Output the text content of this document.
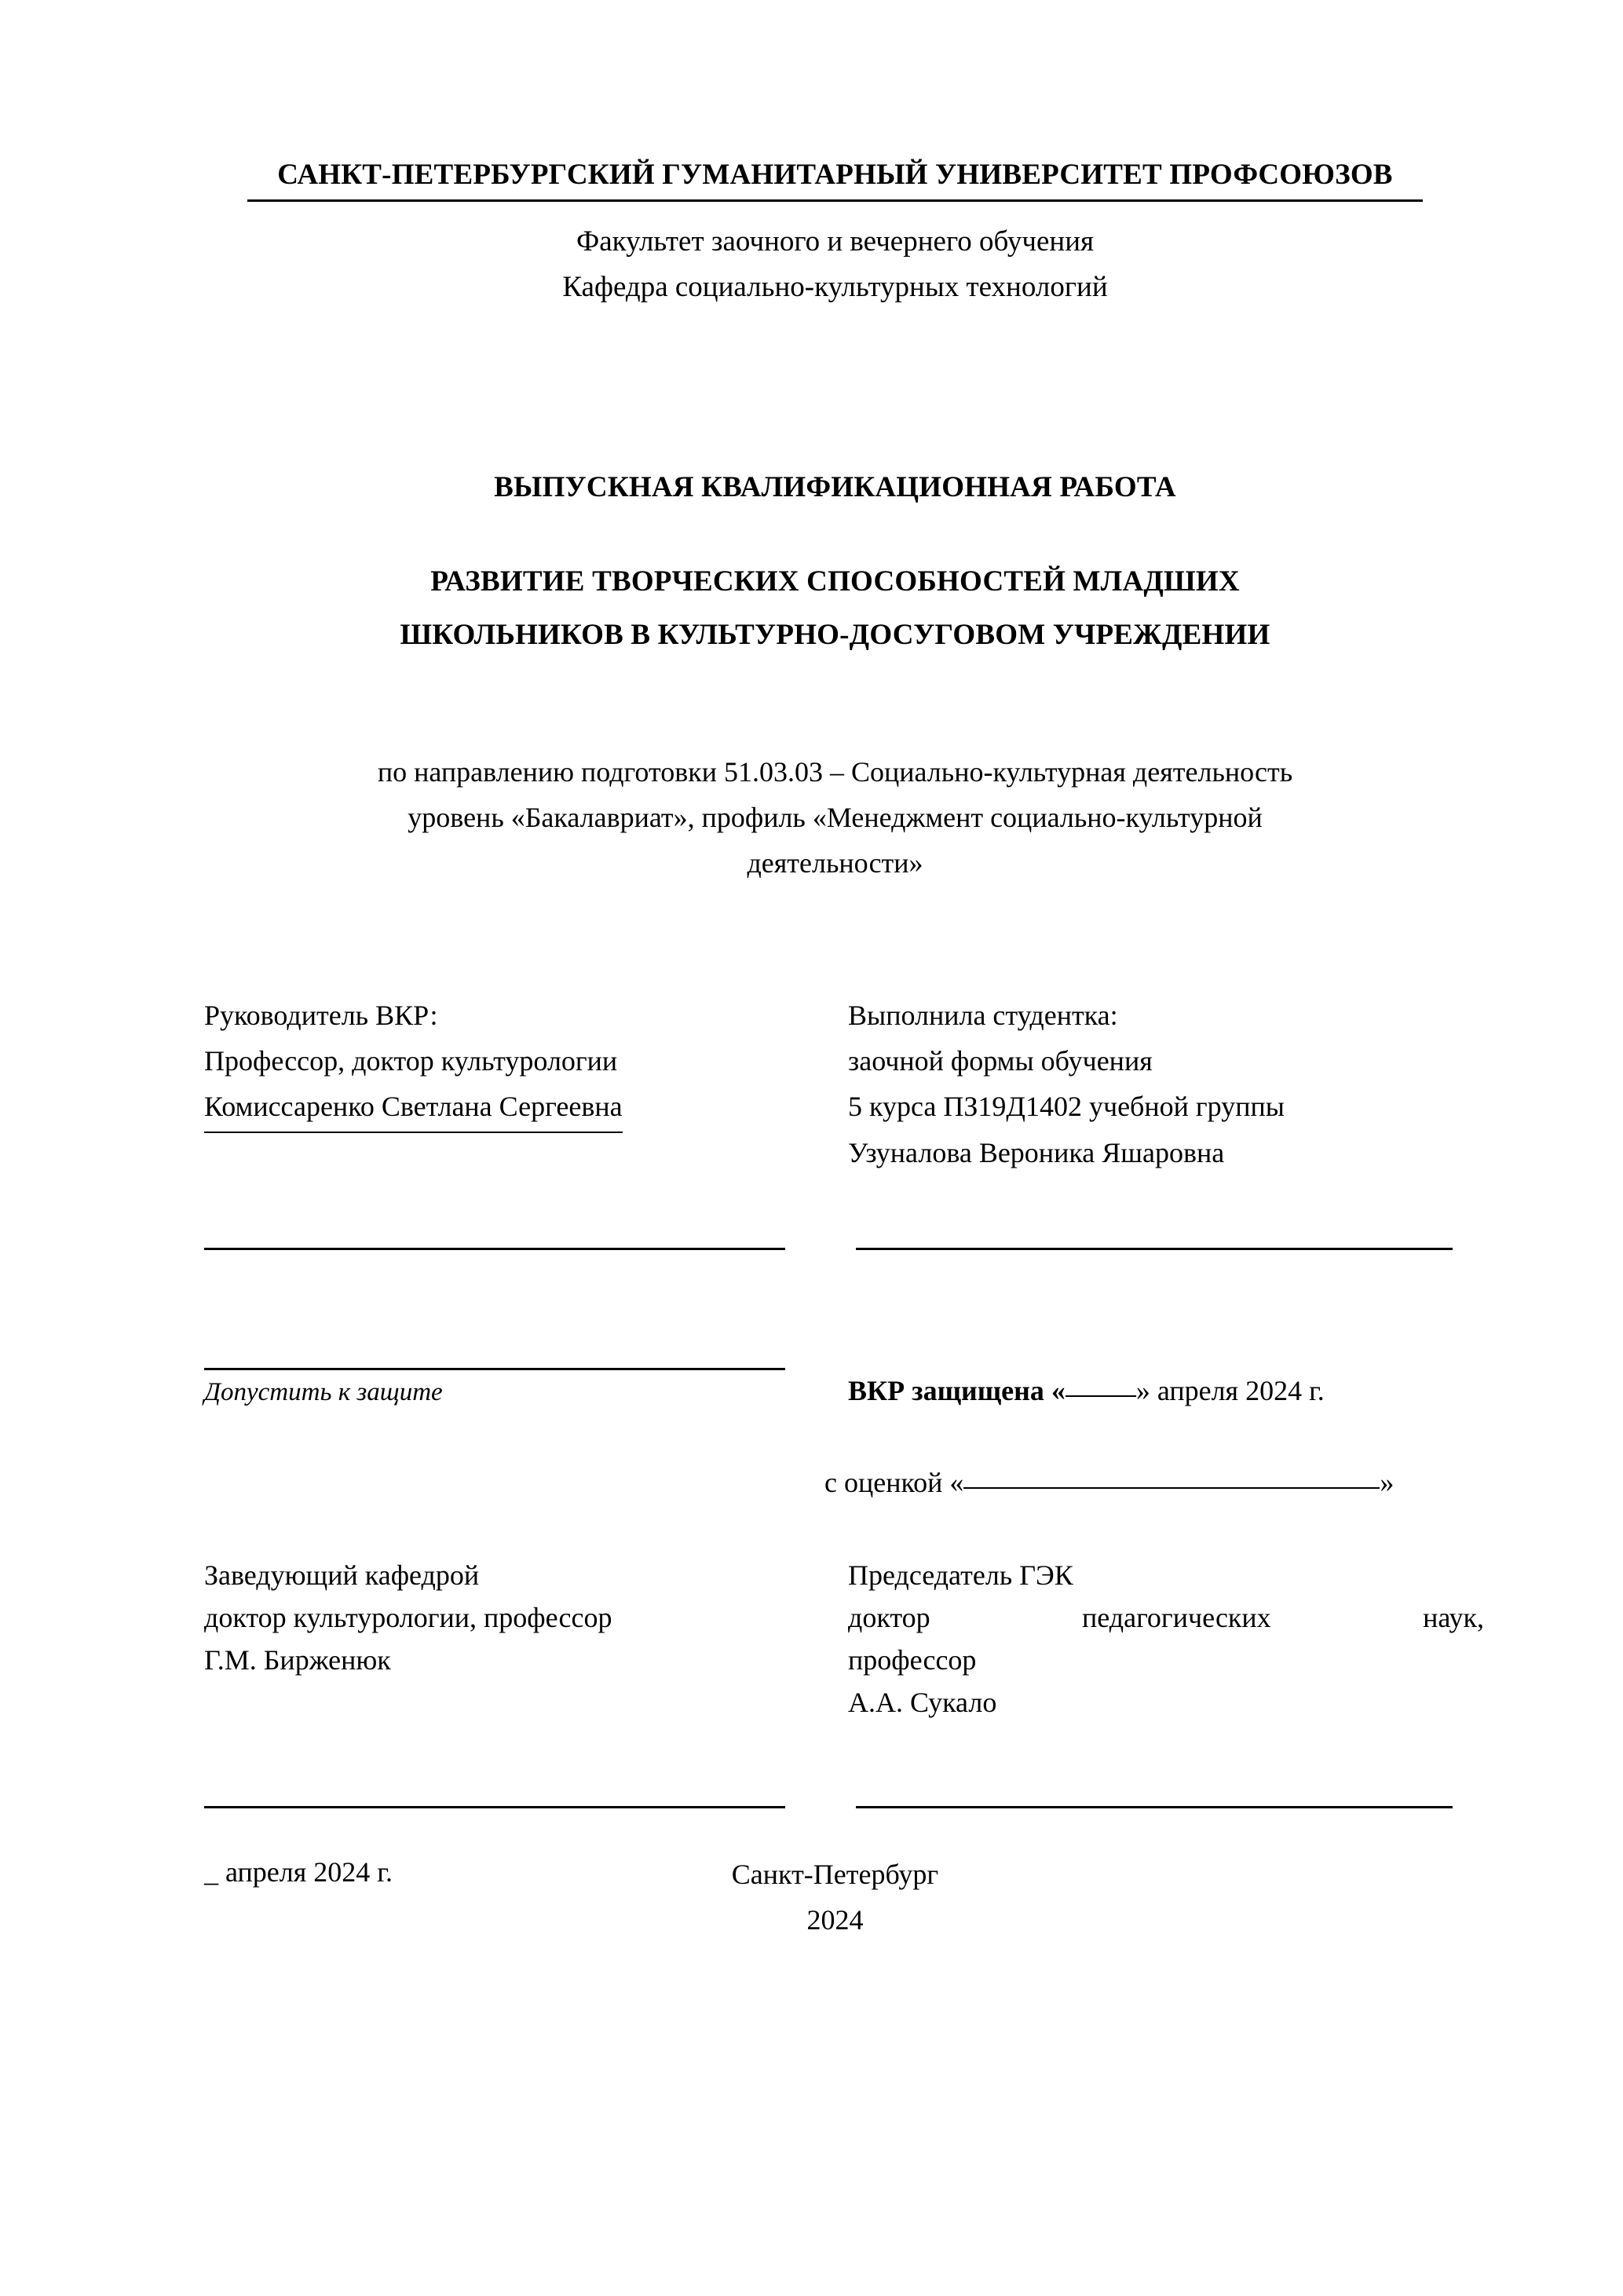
САНКТ-ПЕТЕРБУРГСКИЙ ГУМАНИТАРНЫЙ УНИВЕРСИТЕТ ПРОФСОЮЗОВ
Факультет заочного и вечернего обучения
Кафедра социально-культурных технологий
ВЫПУСКНАЯ КВАЛИФИКАЦИОННАЯ РАБОТА
РАЗВИТИЕ ТВОРЧЕСКИХ СПОСОБНОСТЕЙ МЛАДШИХ
ШКОЛЬНИКОВ В КУЛЬТУРНО-ДОСУГОВОМ УЧРЕЖДЕНИИ
по направлению подготовки 51.03.03 – Социально-культурная деятельность
уровень «Бакалавриат», профиль «Менеджмент социально-культурной
деятельности»
Руководитель ВКР:
Профессор, доктор культурологии
Комиссаренко Светлана Сергеевна
Выполнила студентка:
заочной формы обучения
5 курса ПЗ19Д1402 учебной группы
Узуналова Вероника Яшаровна
Допустить к защите	ВКР защищена «	» апреля 2024 г.
с оценкой «	»
Заведующий кафедрой
доктор культурологии, профессор
Г.М. Бирженюк
Председатель ГЭК
доктор	педагогических	наук,
профессор
А.А. Сукало
_ апреля 2024 г.	Санкт-Петербург
2024
